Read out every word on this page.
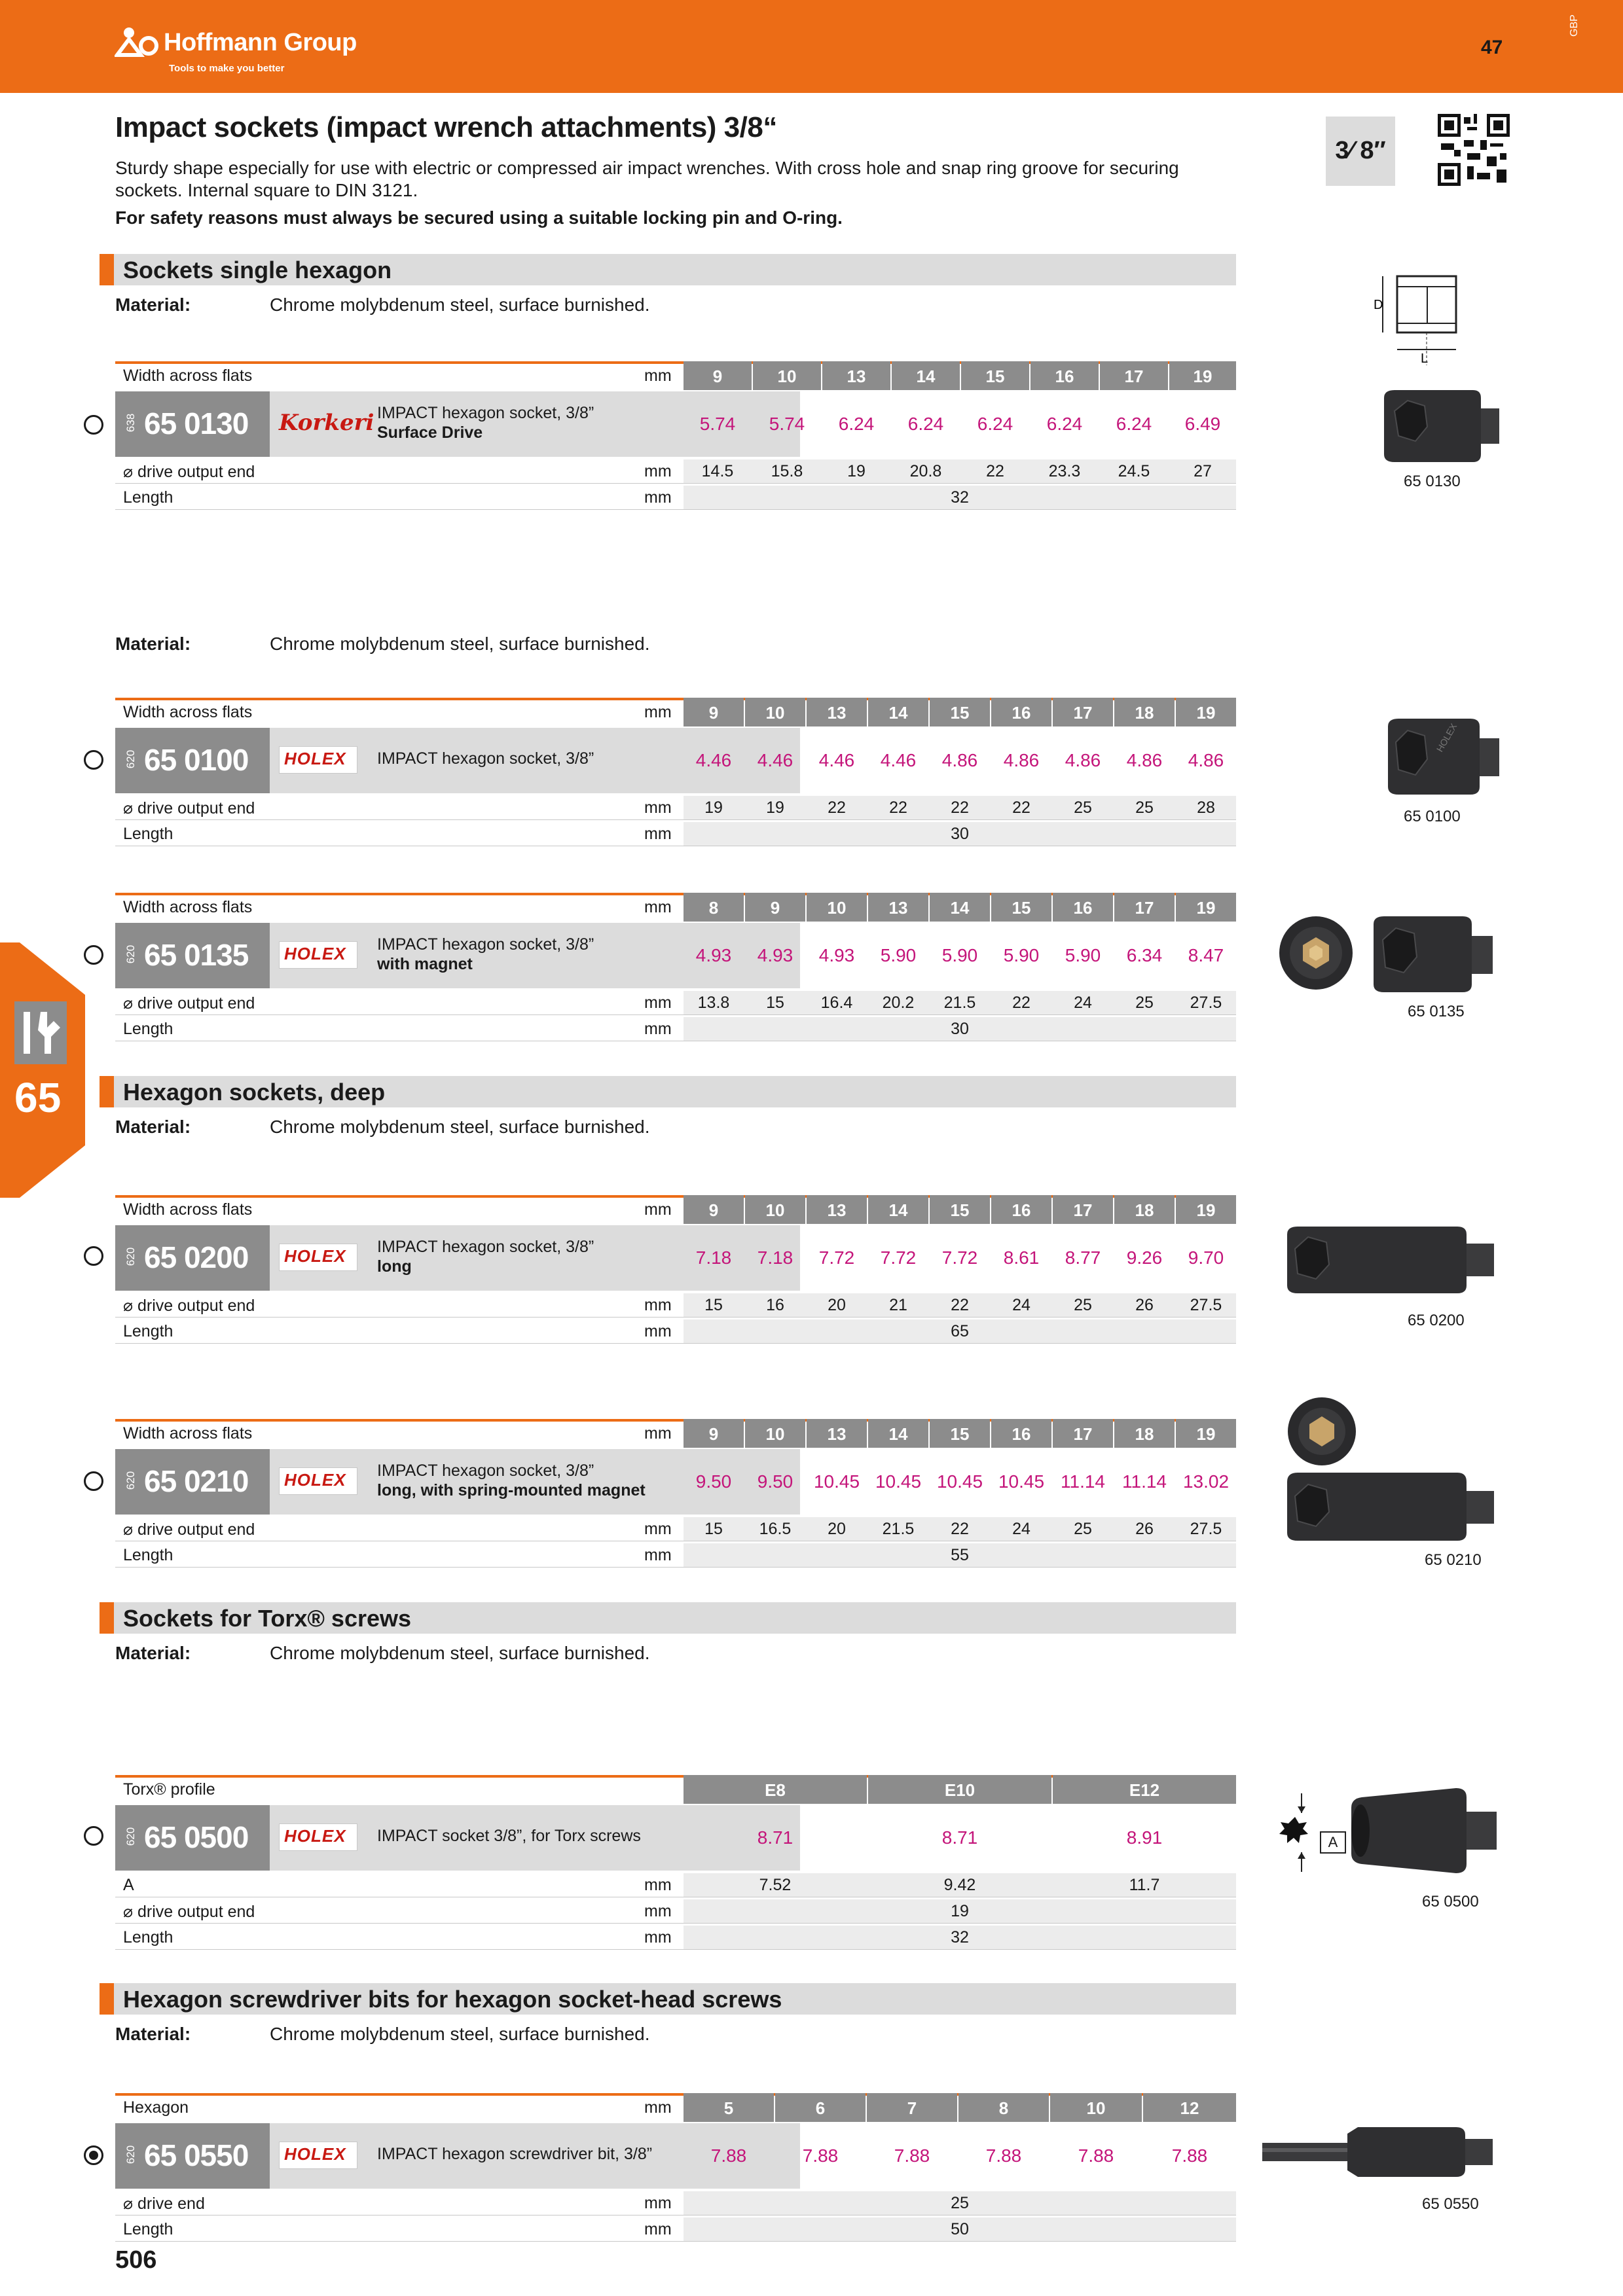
Hoffmann Group
Tools to make you better
47
GBP
Impact sockets (impact wrench attachments) 3/8“
Sturdy shape especially for use with electric or compressed air impact wrenches. With cross hole and snap ring groove for securing sockets. Internal square to DIN 3121.
For safety reasons must always be secured using a suitable locking pin and O-ring.
3⁄ 8″
Sockets single hexagon
Material:	Chrome molybdenum steel, surface burnished.	D
L
Width across flats	mm	9	10	13	14	15	16	17	19
638 65 0130 Korkeri IMPACT hexagon socket, 3/8”
Surface Drive	5.74	5.74	6.24	6.24	6.24	6.24	6.24	6.49
⌀ drive output end	mm	14.5	15.8	19	20.8	22	23.3	24.5	27
Length	mm	32
65 0130
Material:	Chrome molybdenum steel, surface burnished.
Width across flats	mm	9	10	13	14	15	16	17	18	19
620 65 0100 HOLEX IMPACT hexagon socket, 3/8”	4.46	4.46	4.46	4.46	4.86	4.86	4.86	4.86	4.86
⌀ drive output end	mm	19	19	22	22	22	22	25	25	28
Length	mm	30
HOLEX
65 0100
Width across flats	mm	8	9	10	13	14	15	16	17	19
620 65 0135 HOLEX IMPACT hexagon socket, 3/8”
with magnet	4.93	4.93	4.93	5.90	5.90	5.90	5.90	6.34	8.47
⌀ drive output end	mm	13.8	15	16.4	20.2	21.5	22	24	25	27.5
Length	mm	30
65 0135
65	Hexagon sockets, deep
Material:	Chrome molybdenum steel, surface burnished.
Width across flats	mm	9	10	13	14	15	16	17	18	19
620 65 0200 HOLEX IMPACT hexagon socket, 3/8”
long	7.18	7.18	7.72	7.72	7.72	8.61	8.77	9.26	9.70
⌀ drive output end	mm	15	16	20	21	22	24	25	26	27.5
Length	mm	65
65 0200
Width across flats	mm	9	10	13	14	15	16	17	18	19
620 65 0210 HOLEX IMPACT hexagon socket, 3/8”
long, with spring-mounted magnet	9.50	9.50	10.45 10.45 10.45 10.45 11.14 11.14 13.02
⌀ drive output end	mm	15	16.5	20	21.5	22	24	25	26	27.5
Length	mm	55	65 0210
Sockets for Torx® screws
Material:	Chrome molybdenum steel, surface burnished.
Torx® profile	E8	E10	E12
620 65 0500 HOLEX IMPACT socket 3/8”, for Torx screws	8.71	8.71	8.91
A	mm	7.52	9.42	11.7
⌀ drive output end	mm	19
Length	mm	32
A
65 0500
Hexagon screwdriver bits for hexagon socket-head screws
Material:	Chrome molybdenum steel, surface burnished.
Hexagon	mm	5	6	7	8	10	12
620 65 0550 HOLEX IMPACT hexagon screwdriver bit, 3/8”	7.88	7.88	7.88	7.88	7.88	7.88
⌀ drive end	mm	25
Length	mm	50
65 0550
506
